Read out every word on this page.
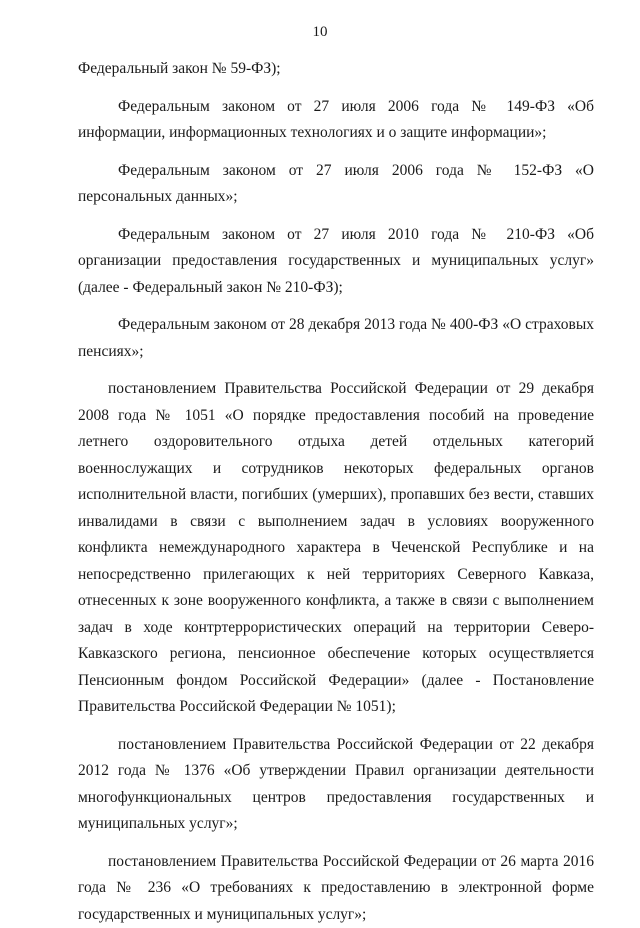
10

Федеральный закон № 59-ФЗ);

Федеральным законом от 27 июля 2006 года № 149-ФЗ «Об информации, информационных технологиях и о защите информации»;

Федеральным законом от 27 июля 2006 года № 152-ФЗ «О персональных данных»;

Федеральным законом от 27 июля 2010 года № 210-ФЗ «Об организации предоставления государственных и муниципальных услуг» (далее - Федеральный закон № 210-ФЗ);

Федеральным законом от 28 декабря 2013 года № 400-ФЗ «О страховых пенсиях»;

постановлением Правительства Российской Федерации от 29 декабря 2008 года № 1051 «О порядке предоставления пособий на проведение летнего оздоровительного отдыха детей отдельных категорий военнослужащих и сотрудников некоторых федеральных органов исполнительной власти, погибших (умерших), пропавших без вести, ставших инвалидами в связи с выполнением задач в условиях вооруженного конфликта немеждународного характера в Чеченской Республике и на непосредственно прилегающих к ней территориях Северного Кавказа, отнесенных к зоне вооруженного конфликта, а также в связи с выполнением задач в ходе контртеррористических операций на территории Северо-Кавказского региона, пенсионное обеспечение которых осуществляется Пенсионным фондом Российской Федерации» (далее - Постановление Правительства Российской Федерации № 1051);

постановлением Правительства Российской Федерации от 22 декабря 2012 года № 1376 «Об утверждении Правил организации деятельности многофункциональных центров предоставления государственных и муниципальных услуг»;

постановлением Правительства Российской Федерации от 26 марта 2016 года № 236 «О требованиях к предоставлению в электронной форме государственных и муниципальных услуг»;
